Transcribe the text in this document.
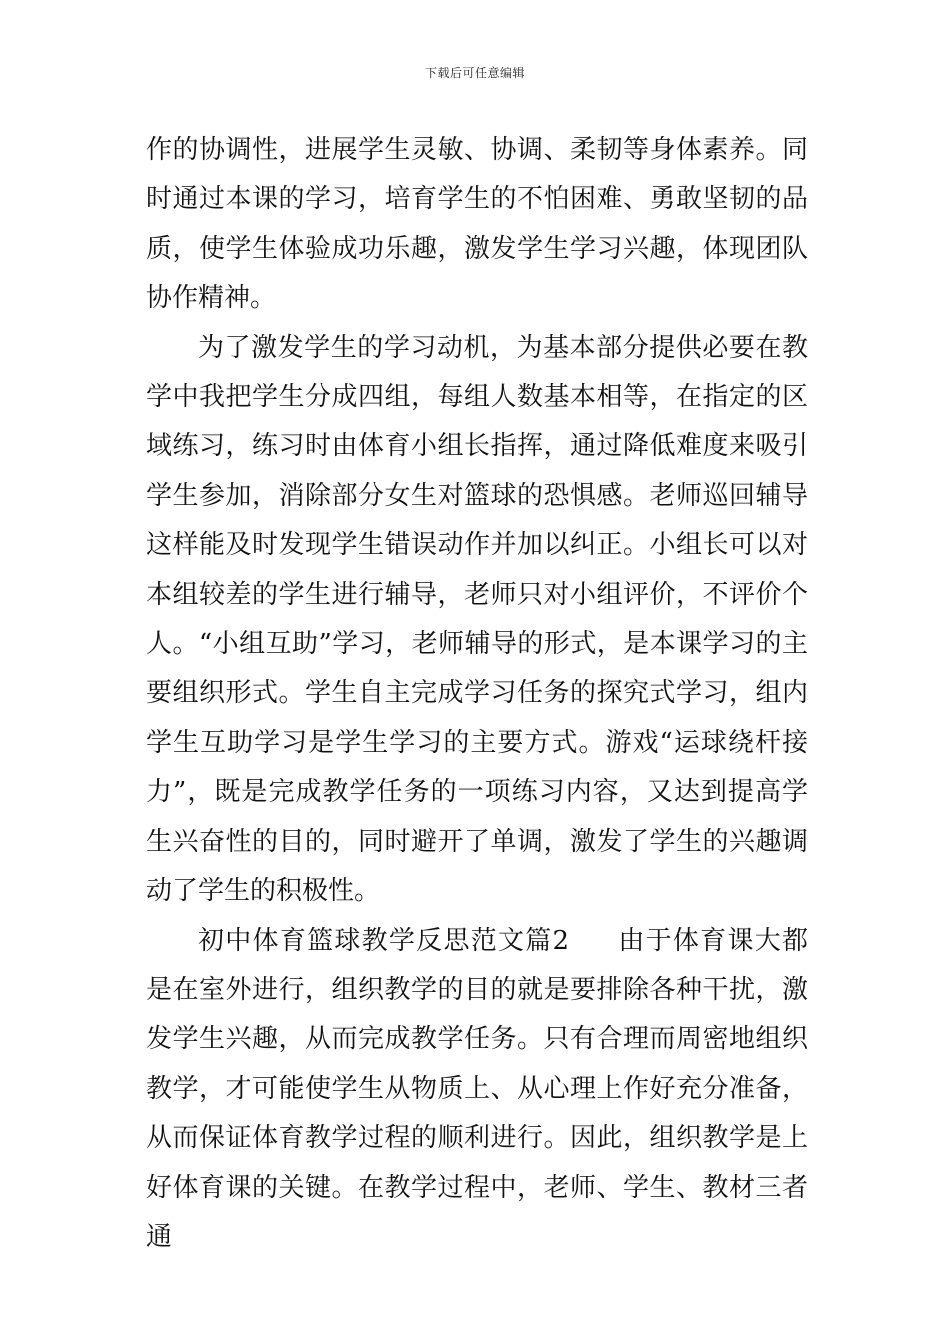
下载后可任意编辑

作的协调性，进展学生灵敏、协调、柔韧等身体素养。同时通过本课的学习，培育学生的不怕困难、勇敢坚韧的品质，使学生体验成功乐趣，激发学生学习兴趣，体现团队协作精神。

为了激发学生的学习动机，为基本部分提供必要在教学中我把学生分成四组，每组人数基本相等，在指定的区域练习，练习时由体育小组长指挥，通过降低难度来吸引学生参加，消除部分女生对篮球的恐惧感。老师巡回辅导这样能及时发现学生错误动作并加以纠正。小组长可以对本组较差的学生进行辅导，老师只对小组评价，不评价个人。“小组互助”学习，老师辅导的形式，是本课学习的主要组织形式。学生自主完成学习任务的探究式学习，组内学生互助学习是学生学习的主要方式。游戏“运球绕杆接力”，既是完成教学任务的一项练习内容，又达到提高学生兴奋性的目的，同时避开了单调，激发了学生的兴趣调动了学生的积极性。

初中体育篮球教学反思范文篇2 由于体育课大都是在室外进行，组织教学的目的就是要排除各种干扰，激发学生兴趣，从而完成教学任务。只有合理而周密地组织教学，才可能使学生从物质上、从心理上作好充分准备，从而保证体育教学过程的顺利进行。因此，组织教学是上好体育课的关键。在教学过程中，老师、学生、教材三者通
